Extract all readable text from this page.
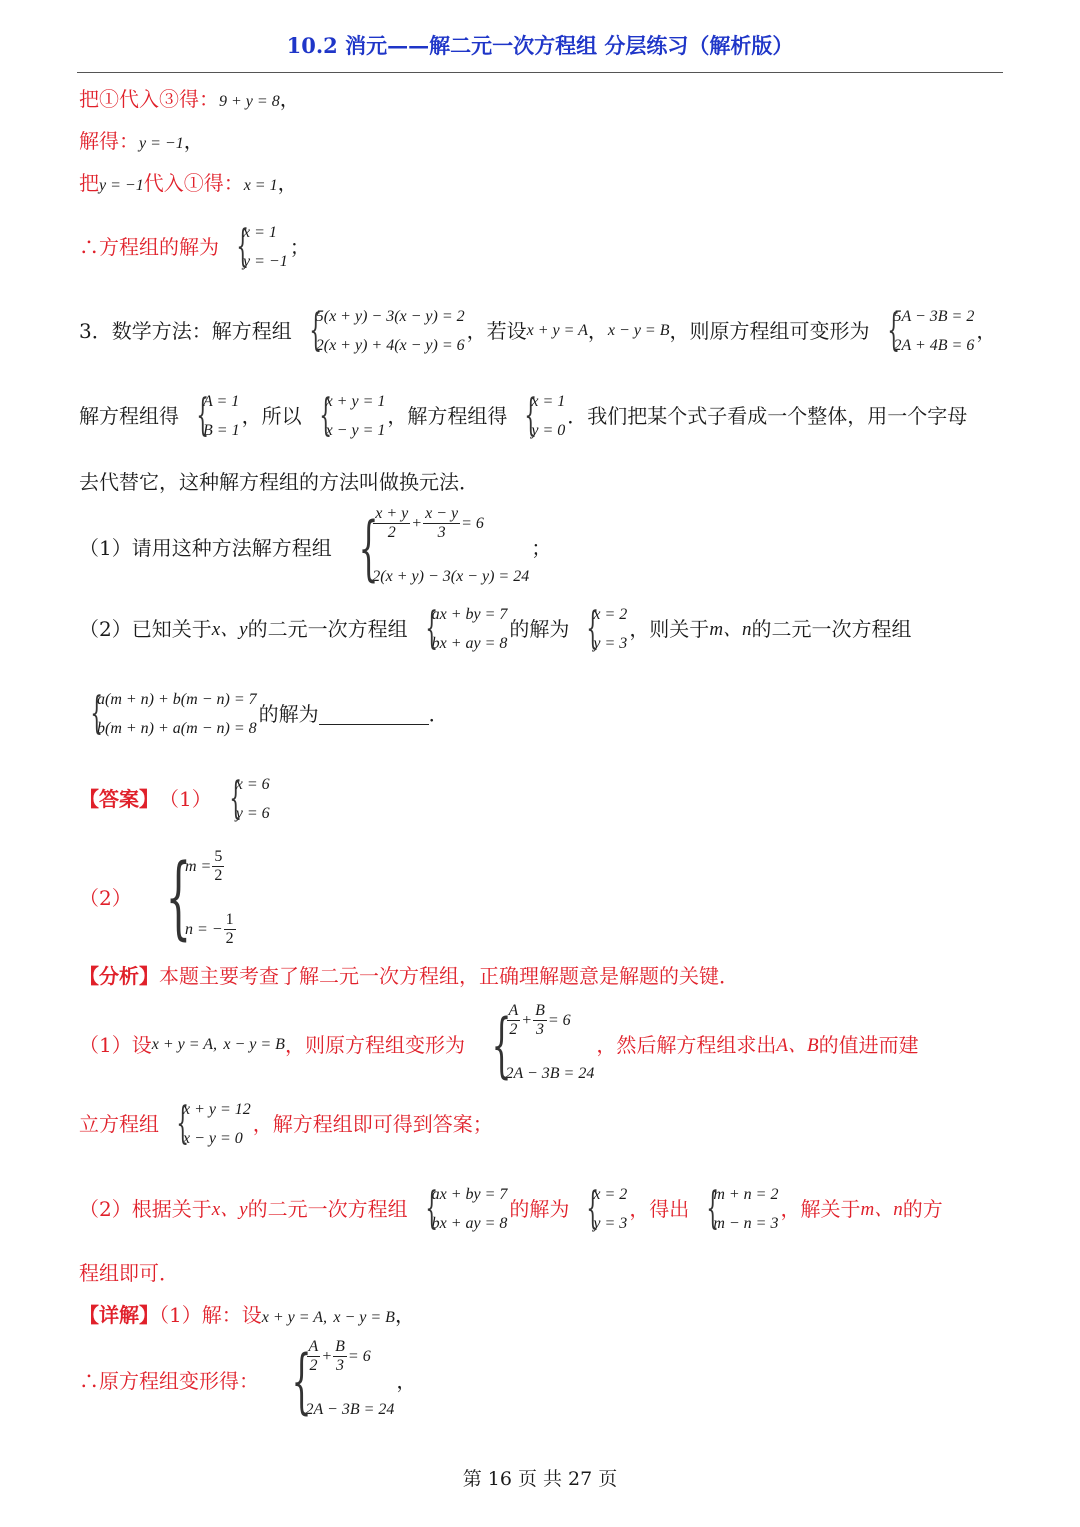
10.2 消元——解二元一次方程组 分层练习（解析版）
把①代入③得：9 + y = 8，
解得：y = −1，
把y = −1代入①得：x = 1，
∴方程组的解为 {
x = 1
y = −1
；
3．数学方法：解方程组 {
5(x + y) − 3(x − y) = 2
2(x + y) + 4(x − y) = 6
，若设 x + y = A ， x − y = B ，则原方程组可变形为 {
5A − 3B = 2
2A + 4B = 6
，
解方程组得 {
A = 1
B = 1
，所以 {
x + y = 1
x − y = 1
，解方程组得 {
x = 1
y = 0
．我们把某个式子看成一个整体，用一个字母
去代替它，这种解方程组的方法叫做换元法．
（1）请用这种方法解方程组 {
$\frac{x + y}{2} + \frac{x - y}{3} = 6$
2(x + y) − 3(x − y) = 24
；
（2）已知关于 x、y 的二元一次方程组 {
ax + by = 7
bx + ay = 8
的解为 {
x = 2
y = 3
，则关于 m、n 的二元一次方程组
{
a(m + n) + b(m − n) = 7
b(m + n) + a(m − n) = 8
的解为	．
【答案】 （1） {
x = 6
y = 6
（2） {
$m = \frac{5}{2}$
n = − $\frac{1}{2}$
【分析】本题主要考查了解二元一次方程组，正确理解题意是解题的关键．
（1）设 x + y = A,
x − y = B ，则原方程组变形为 {
$\frac{A}{2} + \frac{B}{3} = 6$
2A − 3B = 24
，然后解方程组求出 A、B 的值进而建
立方程组 {
x + y = 12
x − y = 0
，解方程组即可得到答案；
（2）根据关于 x、y 的二元一次方程组 {
ax + by = 7
bx + ay = 8
的解为 {
x = 2
y = 3
，得出 {
m + n = 2
m − n = 3
，解关于 m、n 的方
程组即可．
【详解】（1）解：设x + y = A, x − y = B，
∴原方程组变形得： {
$\frac{A}{2} + \frac{B}{3} = 6$
2A − 3B = 24
，
第 16 页 共 27 页
